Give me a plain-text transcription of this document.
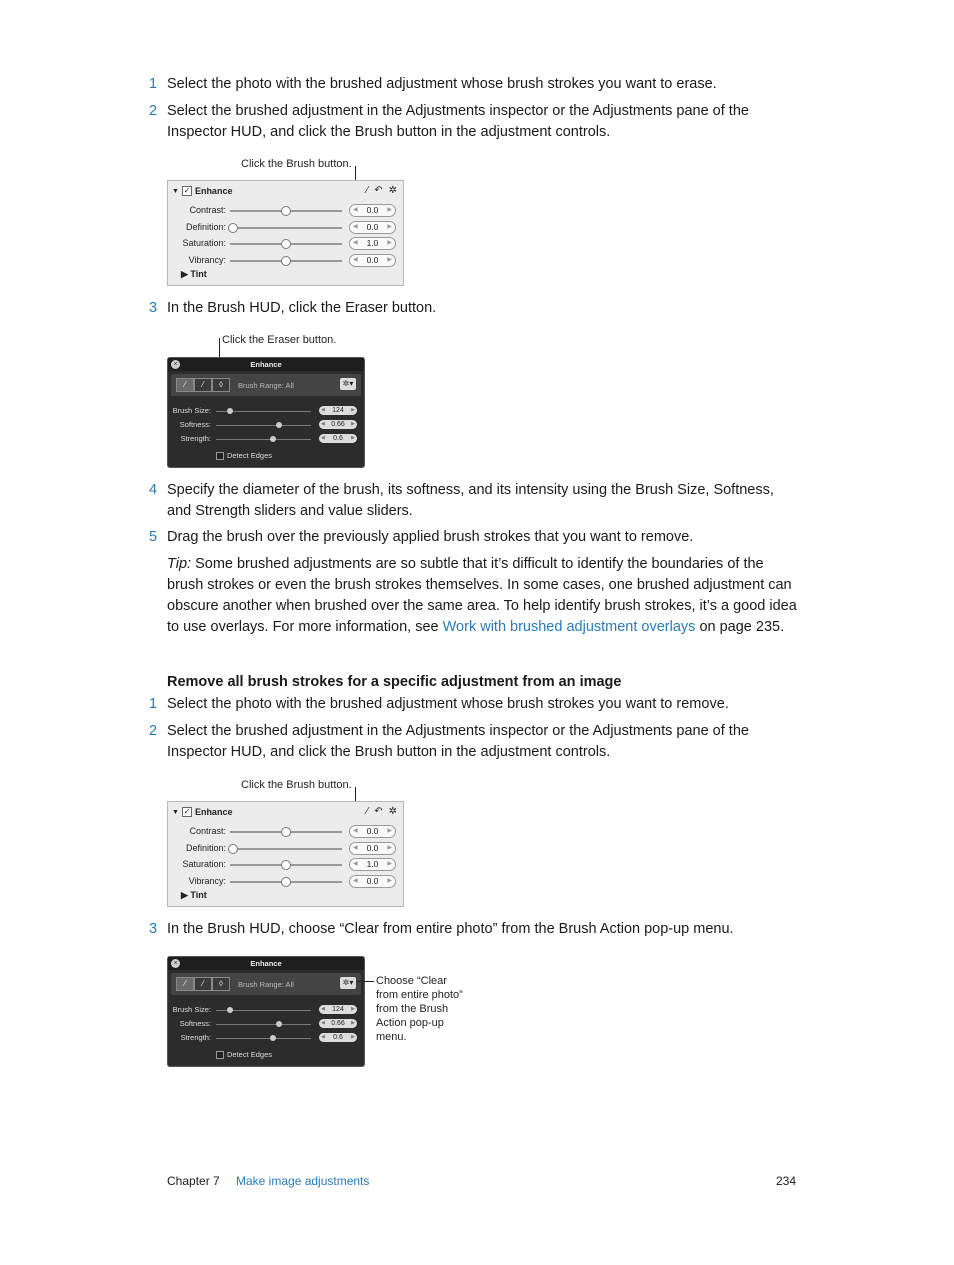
1 Select the photo with the brushed adjustment whose brush strokes you want to erase.
2 Select the brushed adjustment in the Adjustments inspector or the Adjustments pane of the Inspector HUD, and click the Brush button in the adjustment controls.
Click the Brush button.
▼ ✓ Enhance	⁄ ↶ ✲
Contrast:	◀ 0.0 ▶
Definition:	◀ 0.0 ▶
Saturation:	◀ 1.0 ▶
Vibrancy:	◀ 0.0 ▶
▶ Tint
3 In the Brush HUD, click the Eraser button.
Click the Eraser button.
Enhance
×
⁄	⁄	◊	Brush Range: All	✲▾
Brush Size:	◀ 124 ▶
Softness:	◀ 0.66 ▶
Strength:	◀ 0.6 ▶
Detect Edges
4 Specify the diameter of the brush, its softness, and its intensity using the Brush Size, Softness, and Strength sliders and value sliders.
5 Drag the brush over the previously applied brush strokes that you want to remove.
Tip: Some brushed adjustments are so subtle that it’s difficult to identify the boundaries of the brush strokes or even the brush strokes themselves. In some cases, one brushed adjustment can obscure another when brushed over the same area. To help identify brush strokes, it’s a good idea to use overlays. For more information, see Work with brushed adjustment overlays on page 235.
Remove all brush strokes for a specific adjustment from an image
1 Select the photo with the brushed adjustment whose brush strokes you want to remove.
2 Select the brushed adjustment in the Adjustments inspector or the Adjustments pane of the Inspector HUD, and click the Brush button in the adjustment controls.
Click the Brush button.
▼ ✓ Enhance	⁄ ↶ ✲
Contrast:	◀ 0.0 ▶
Definition:	◀ 0.0 ▶
Saturation:	◀ 1.0 ▶
Vibrancy:	◀ 0.0 ▶
▶ Tint
3 In the Brush HUD, choose “Clear from entire photo” from the Brush Action pop-up menu.
Enhance
×
⁄	⁄	◊	Brush Range: All	✲▾
Brush Size:	◀ 124 ▶
Softness:	◀ 0.66 ▶
Strength:	◀ 0.6 ▶
Detect Edges
Choose “Clear from entire photo” from the Brush Action pop-up menu.
Chapter 7 Make image adjustments	234
